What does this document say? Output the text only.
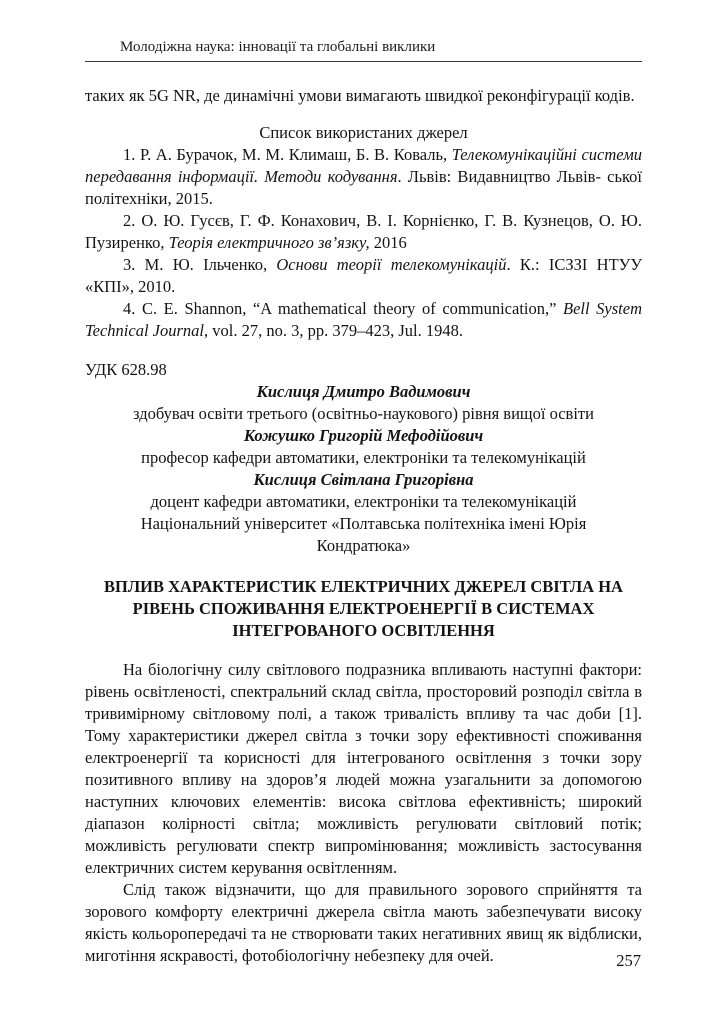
Молодіжна наука: інновації та глобальні виклики

таких як 5G NR, де динамічні умови вимагають швидкої реконфігурації кодів.

Список використаних джерел

1. Р. А. Бурачок, М. М. Климаш, Б. В. Коваль, Телекомунікаційні системи передавання інформації. Методи кодування. Львів: Видавництво Львів- ської політехніки, 2015.

2. О. Ю. Гусєв, Г. Ф. Конахович, В. І. Корнієнко, Г. В. Кузнецов, О. Ю. Пузиренко, Теорія електричного зв’язку, 2016

3. М. Ю. Ільченко, Основи теорії телекомунікацій. К.: ІСЗЗІ НТУУ «КПІ», 2010.

4. C. E. Shannon, “A mathematical theory of communication,” Bell System Technical Journal, vol. 27, no. 3, pp. 379–423, Jul. 1948.

УДК 628.98

Кислиця Дмитро Вадимович
здобувач освіти третього (освітньо-наукового) рівня вищої освіти
Кожушко Григорій Мефодійович
професор кафедри автоматики, електроніки та телекомунікацій
Кислиця Світлана Григорівна
доцент кафедри автоматики, електроніки та телекомунікацій
Національний університет «Полтавська політехніка імені Юрія Кондратюка»
ВПЛИВ ХАРАКТЕРИСТИК ЕЛЕКТРИЧНИХ ДЖЕРЕЛ СВІТЛА НА РІВЕНЬ СПОЖИВАННЯ ЕЛЕКТРОЕНЕРГІЇ В СИСТЕМАХ ІНТЕГРОВАНОГО ОСВІТЛЕННЯ

На біологічну силу світлового подразника впливають наступні фактори: рівень освітленості, спектральний склад світла, просторовий розподіл світла в тривимірному світловому полі, а також тривалість впливу та час доби [1]. Тому характеристики джерел світла з точки зору ефективності споживання електроенергії та корисності для інтегрованого освітлення з точки зору позитивного впливу на здоров’я людей можна узагальнити за допомогою наступних ключових елементів: висока світлова ефективність; широкий діапазон колірності світла; можливість регулювати світловий потік; можливість регулювати спектр випромінювання; можливість застосування електричних систем керування освітленням.

Слід також відзначити, що для правильного зорового сприйняття та зорового комфорту електричні джерела світла мають забезпечувати високу якість кольоропередачі та не створювати таких негативних явищ як відблиски, миготіння яскравості, фотобіологічну небезпеку для очей.	257
